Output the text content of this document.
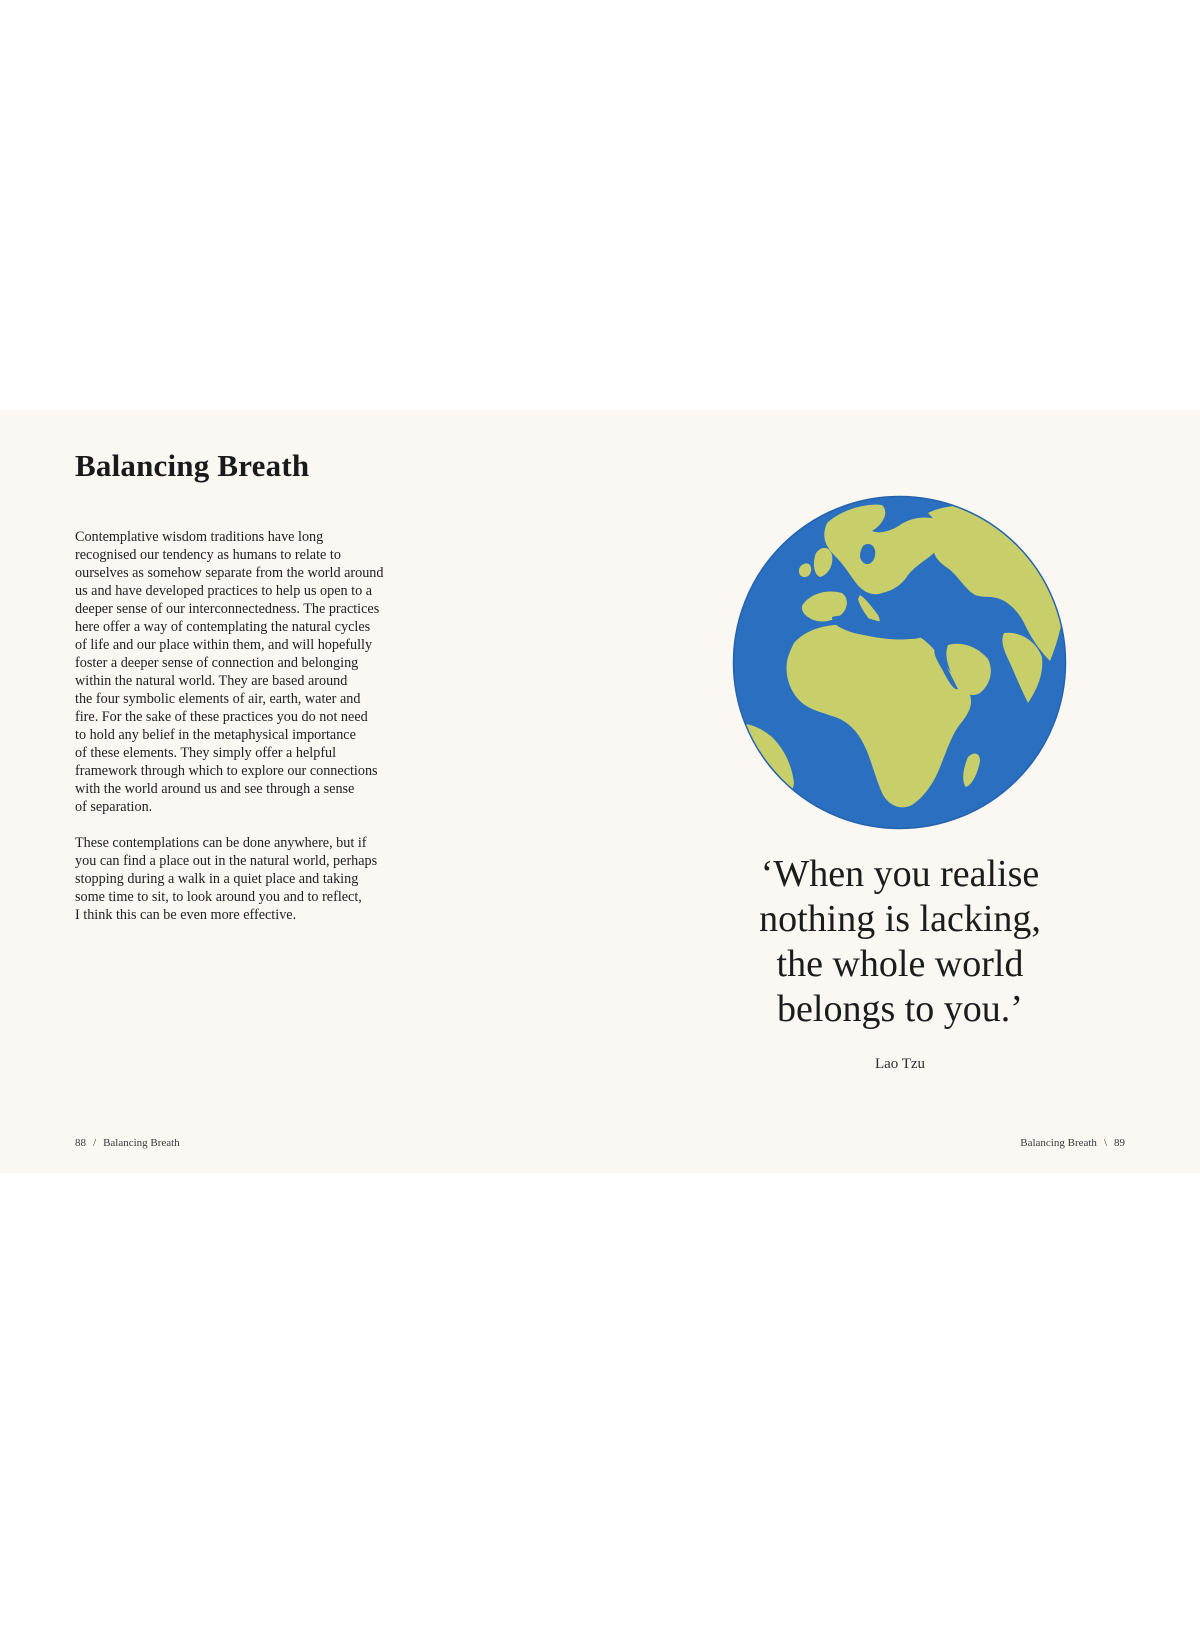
Balancing Breath

Contemplative wisdom traditions have long
recognised our tendency as humans to relate to
ourselves as somehow separate from the world around
us and have developed practices to help us open to a
deeper sense of our interconnectedness. The practices
here offer a way of contemplating the natural cycles
of life and our place within them, and will hopefully
foster a deeper sense of connection and belonging
within the natural world. They are based around
the four symbolic elements of air, earth, water and
fire. For the sake of these practices you do not need
to hold any belief in the metaphysical importance
of these elements. They simply offer a helpful
framework through which to explore our connections
with the world around us and see through a sense
of separation.

These contemplations can be done anywhere, but if
you can find a place out in the natural world, perhaps
stopping during a walk in a quiet place and taking
some time to sit, to look around you and to reflect,
I think this can be even more effective.

88 / Balancing Breath

‘When you realise
nothing is lacking,
the whole world
belongs to you.’

Lao Tzu
Balancing Breath \ 89
